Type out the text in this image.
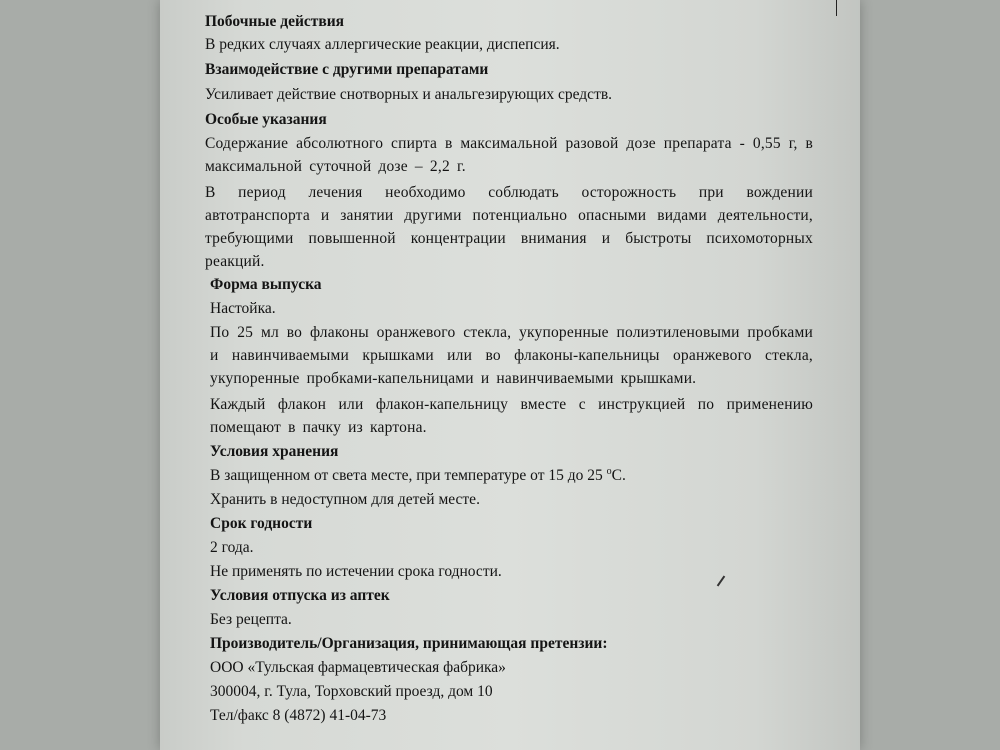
Побочные действия

В редких случаях аллергические реакции, диспепсия.

Взаимодействие с другими препаратами

Усиливает действие снотворных и анальгезирующих средств.

Особые указания

Содержание абсолютного спирта в максимальной разовой дозе препарата - 0,55 г, в максимальной суточной дозе – 2,2 г.

В период лечения необходимо соблюдать осторожность при вождении автотранспорта и занятии другими потенциально опасными видами деятельности, требующими повышенной концентрации внимания и быстроты психомоторных реакций.

Форма выпуска

Настойка.

По 25 мл во флаконы оранжевого стекла, укупоренные полиэтиленовыми пробками и навинчиваемыми крышками или во флаконы-капельницы оранжевого стекла, укупоренные пробками-капельницами и навинчиваемыми крышками.

Каждый флакон или флакон-капельницу вместе с инструкцией по применению помещают в пачку из картона.

Условия хранения

В защищенном от света месте, при температуре от 15 до 25 $^o$С.

Хранить в недоступном для детей месте.

Срок годности

2 года.

Не применять по истечении срока годности.

Условия отпуска из аптек

Без рецепта.

Производитель/Организация, принимающая претензии:

ООО «Тульская фармацевтическая фабрика»

300004, г. Тула, Торховский проезд, дом 10

Тел/факс 8 (4872) 41-04-73
